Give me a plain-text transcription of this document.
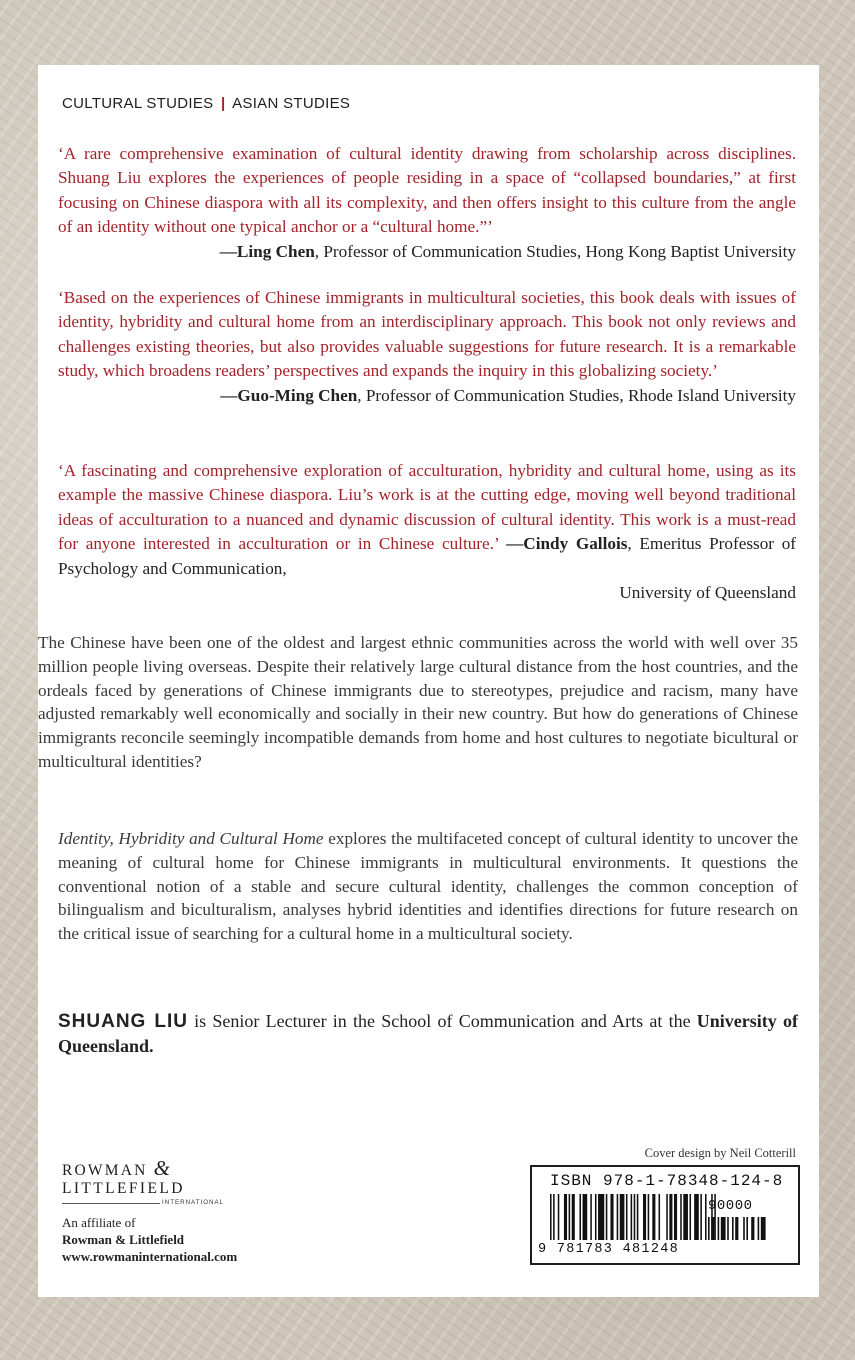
CULTURAL STUDIES | ASIAN STUDIES

‘A rare comprehensive examination of cultural identity drawing from scholarship across disciplines. Shuang Liu explores the experiences of people residing in a space of “collapsed boundaries,” at first focusing on Chinese diaspora with all its complexity, and then offers insight to this culture from the angle of an identity without one typical anchor or a “cultural home.”’

—Ling Chen, Professor of Communication Studies, Hong Kong Baptist University

‘Based on the experiences of Chinese immigrants in multicultural societies, this book deals with issues of identity, hybridity and cultural home from an interdisciplinary approach. This book not only reviews and challenges existing theories, but also provides valuable suggestions for future research. It is a remarkable study, which broadens readers’ perspectives and expands the inquiry in this globalizing society.’

—Guo-Ming Chen, Professor of Communication Studies, Rhode Island University

‘A fascinating and comprehensive exploration of acculturation, hybridity and cultural home, using as its example the massive Chinese diaspora. Liu’s work is at the cutting edge, moving well beyond traditional ideas of acculturation to a nuanced and dynamic discussion of cultural identity. This work is a must-read for anyone interested in acculturation or in Chinese culture.’ —Cindy Gallois, Emeritus Professor of Psychology and Communication,

University of Queensland

The Chinese have been one of the oldest and largest ethnic communities across the world with well over 35 million people living overseas. Despite their relatively large cultural distance from the host countries, and the ordeals faced by generations of Chinese immigrants due to stereotypes, prejudice and racism, many have adjusted remarkably well economically and socially in their new country. But how do generations of Chinese immigrants reconcile seemingly incompatible demands from home and host cultures to negotiate bicultural or multicultural identities?

Identity, Hybridity and Cultural Home explores the multifaceted concept of cultural identity to uncover the meaning of cultural home for Chinese immigrants in multicultural environments. It questions the conventional notion of a stable and secure cultural identity, challenges the common conception of bilingualism and biculturalism, analyses hybrid identities and identifies directions for future research on the critical issue of searching for a cultural home in a multicultural society.

SHUANG LIU is Senior Lecturer in the School of Communication and Arts at the University of Queensland.
ROWMAN &
LITTLEFIELD
INTERNATIONAL
An affiliate of
Rowman & Littlefield
www.rowmaninternational.com
Cover design by Neil Cotterill
ISBN 978-1-78348-124-8
90000
9 781783 481248
